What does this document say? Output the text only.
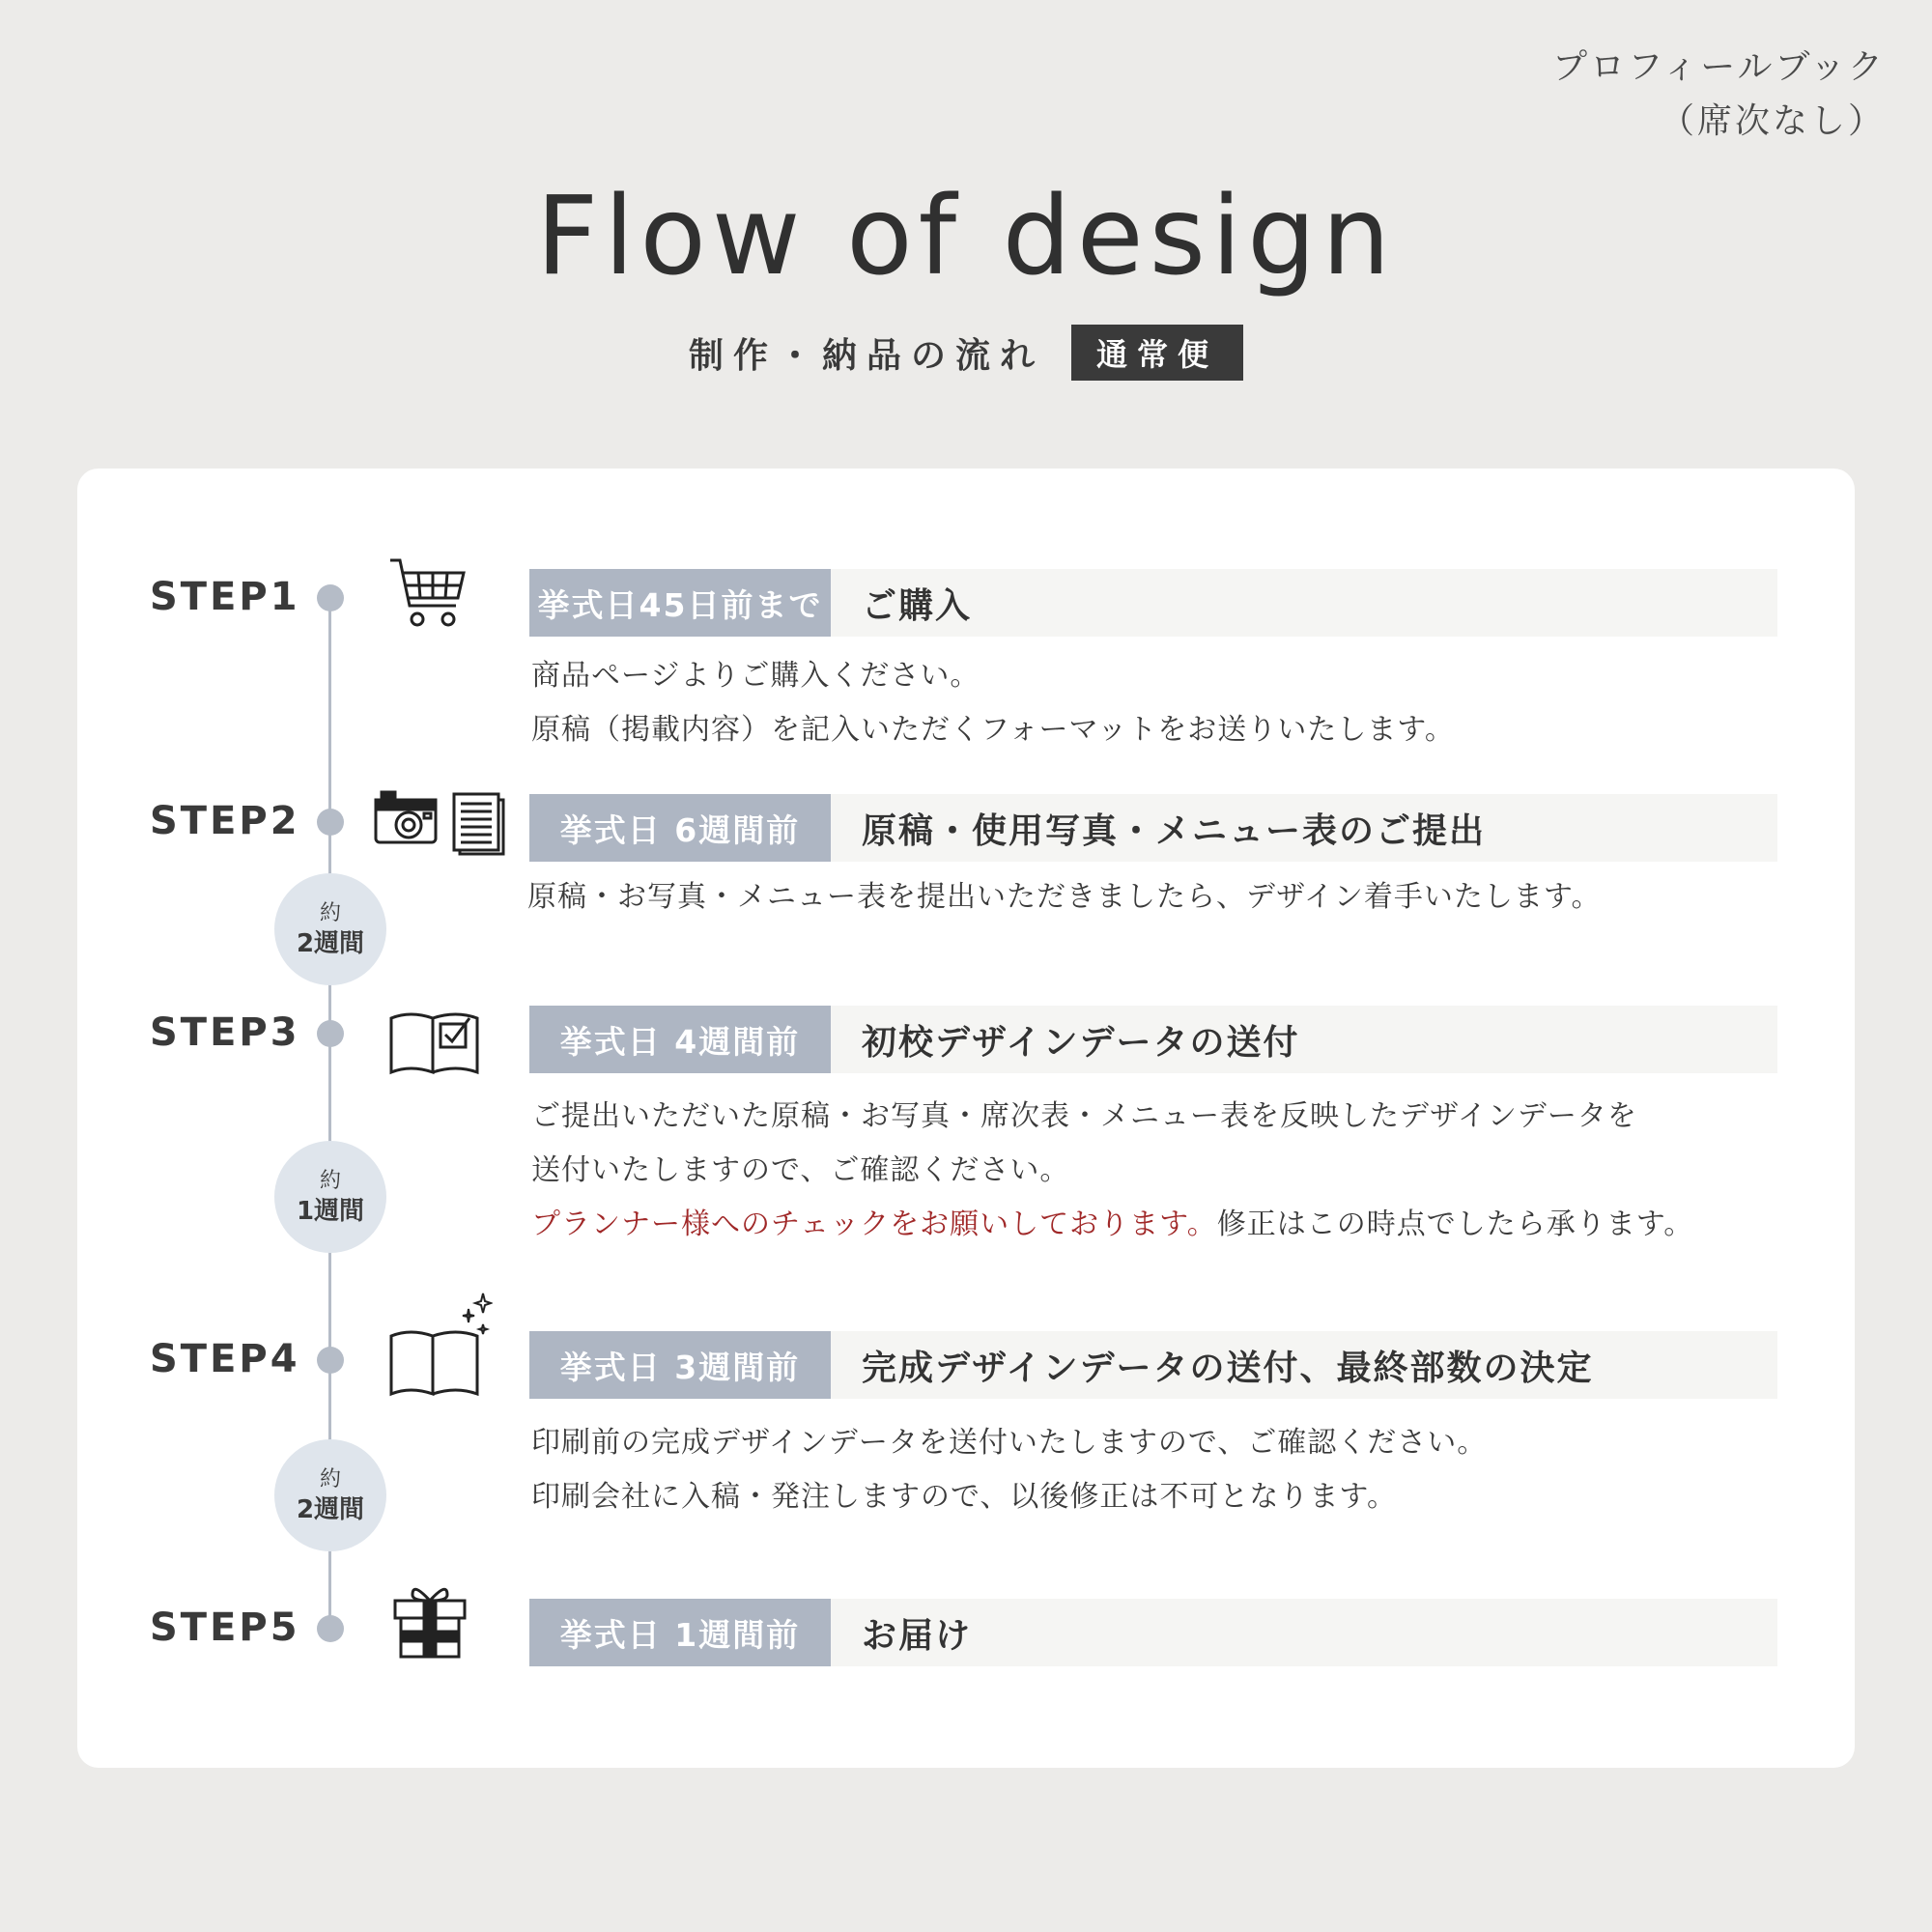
プロフィールブック
（席次なし）
Flow of design
制作・納品の流れ	通常便
約
2週間
約
1週間
約
2週間
STEP1
STEP2
STEP3
STEP4
STEP5
挙式日45日前まで ご購入

商品ページよりご購入ください。

原稿（掲載内容）を記入いただくフォーマットをお送りいたします。

挙式日 6週間前	原稿・使用写真・メニュー表のご提出

原稿・お写真・メニュー表を提出いただきましたら、デザイン着手いたします。

挙式日 4週間前	初校デザインデータの送付

ご提出いただいた原稿・お写真・席次表・メニュー表を反映したデザインデータを

送付いたしますので、ご確認ください。

プランナー様へのチェックをお願いしております。修正はこの時点でしたら承ります。

挙式日 3週間前	完成デザインデータの送付、最終部数の決定

印刷前の完成デザインデータを送付いたしますので、ご確認ください。

印刷会社に入稿・発注しますので、以後修正は不可となります。

挙式日 1週間前	お届け
